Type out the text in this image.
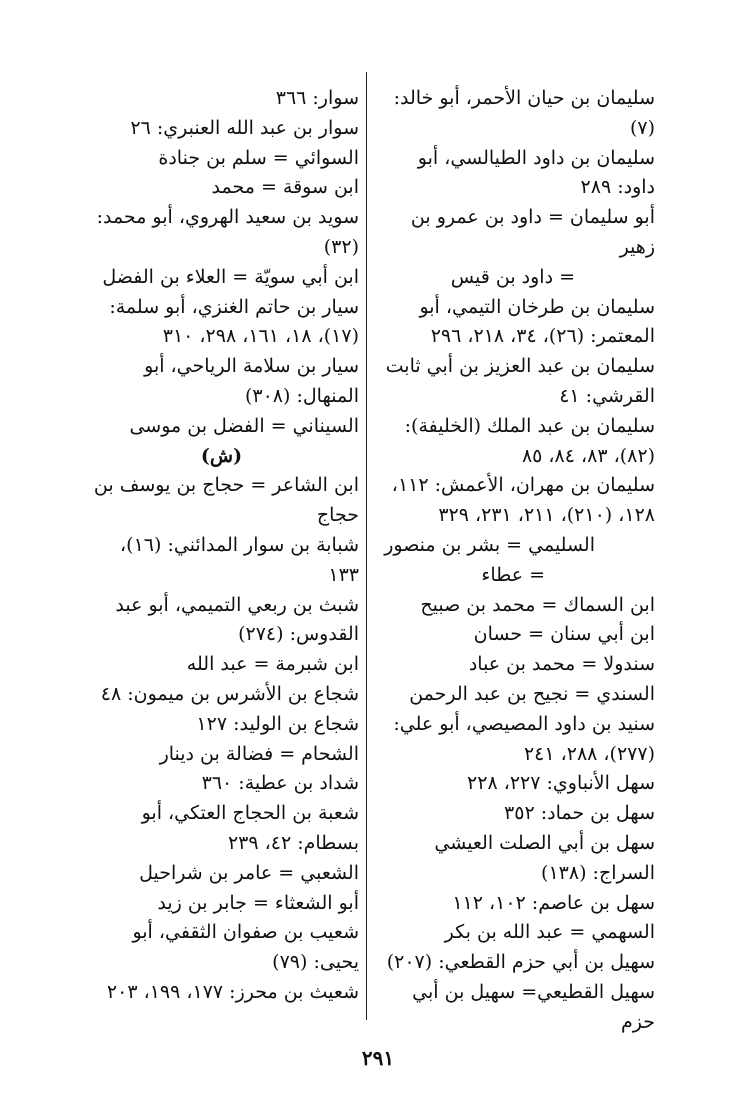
سليمان بن حيان الأحمر، أبو خالد: (٧)

سليمان بن داود الطيالسي، أبو داود: ٢٨٩

أبو سليمان = داود بن عمرو بن زهير

= داود بن قيس

سليمان بن طرخان التيمي، أبو المعتمر: (٢٦)، ٣٤، ٢١٨، ٢٩٦

سليمان بن عبد العزيز بن أبي ثابت القرشي: ٤١

سليمان بن عبد الملك (الخليفة): (٨٢)، ٨٣، ٨٤، ٨٥

سليمان بن مهران، الأعمش: ١١٢، ١٢٨، (٢١٠)، ٢١١، ٢٣١، ٣٢٩

السليمي = بشر بن منصور

= عطاء

ابن السماك = محمد بن صبيح

ابن أبي سنان = حسان

سندولا = محمد بن عباد

السندي = نجيح بن عبد الرحمن

سنيد بن داود المصيصي، أبو علي: (٢٧٧)، ٢٨٨، ٢٤١

سهل الأنباوي: ٢٢٧، ٢٢٨

سهل بن حماد: ٣٥٢

سهل بن أبي الصلت العيشي السراج: (١٣٨)

سهل بن عاصم: ١٠٢، ١١٢

السهمي = عبد الله بن بكر

سهيل بن أبي حزم القطعي: (٢٠٧)

سهيل القطيعي= سهيل بن أبي حزم

سوار: ٣٦٦

سوار بن عبد الله العنبري: ٢٦

السوائي = سلم بن جنادة

ابن سوقة = محمد

سويد بن سعيد الهروي، أبو محمد: (٣٢)

ابن أبي سويّة = العلاء بن الفضل

سيار بن حاتم الغنزي، أبو سلمة: (١٧)، ١٨، ١٦١، ٢٩٨، ٣١٠

سيار بن سلامة الرياحي، أبو المنهال: (٣٠٨)

السيناني = الفضل بن موسى

(ش)

ابن الشاعر = حجاج بن يوسف بن حجاج

شبابة بن سوار المدائني: (١٦)، ١٣٣

شبث بن ربعي التميمي، أبو عبد القدوس: (٢٧٤)

ابن شبرمة = عبد الله

شجاع بن الأشرس بن ميمون: ٤٨

شجاع بن الوليد: ١٢٧

الشحام = فضالة بن دينار

شداد بن عطية: ٣٦٠

شعبة بن الحجاج العتكي، أبو بسطام: ٤٢، ٢٣٩

الشعبي = عامر بن شراحيل

أبو الشعثاء = جابر بن زيد

شعيب بن صفوان الثقفي، أبو يحيى: (٧٩)

شعيث بن محرز: ١٧٧، ١٩٩، ٢٠٣

٢٩١
